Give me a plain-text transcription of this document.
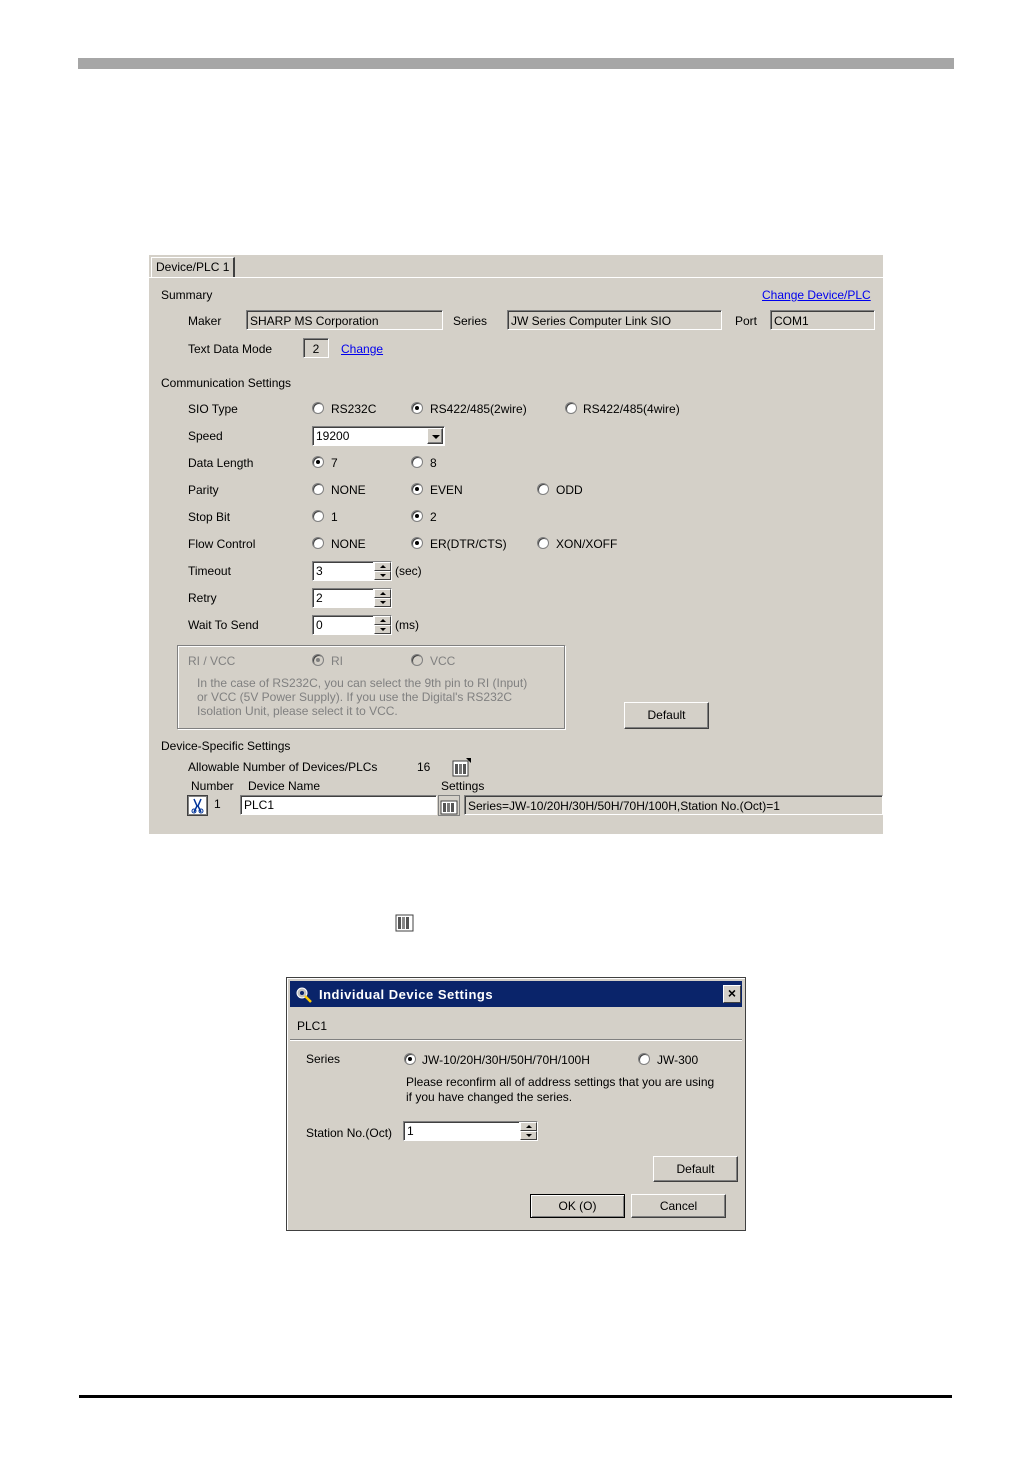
Device/PLC 1
Summary	Change Device/PLC
Maker	SHARP MS Corporation	Series	JW Series Computer Link SIO	Port	COM1
Text Data Mode	2	Change
Communication Settings
SIO Type	RS232C	RS422/485(2wire)	RS422/485(4wire)
Speed	19200
Data Length	7	8
Parity	NONE	EVEN	ODD
Stop Bit	1	2
Flow Control	NONE	ER(DTR/CTS)	XON/XOFF
Timeout	3	(sec)
Retry	2
Wait To Send	0	(ms)
RI / VCC	RI	VCC
In the case of RS232C, you can select the 9th pin to RI (Input)
or VCC (5V Power Supply). If you use the Digital's RS232C
Isolation Unit, please select it to VCC.	Default
Device-Specific Settings
Allowable Number of Devices/PLCs	16
Number Device Name	Settings
1	PLC1	Series=JW-10/20H/30H/50H/70H/100H,Station No.(Oct)=1
Individual Device Settings	×
PLC1
Series	JW-10/20H/30H/50H/70H/100H	JW-300
Please reconfirm all of address settings that you are using
if you have changed the series.
Station No.(Oct)	1
Default
OK (O)	Cancel
